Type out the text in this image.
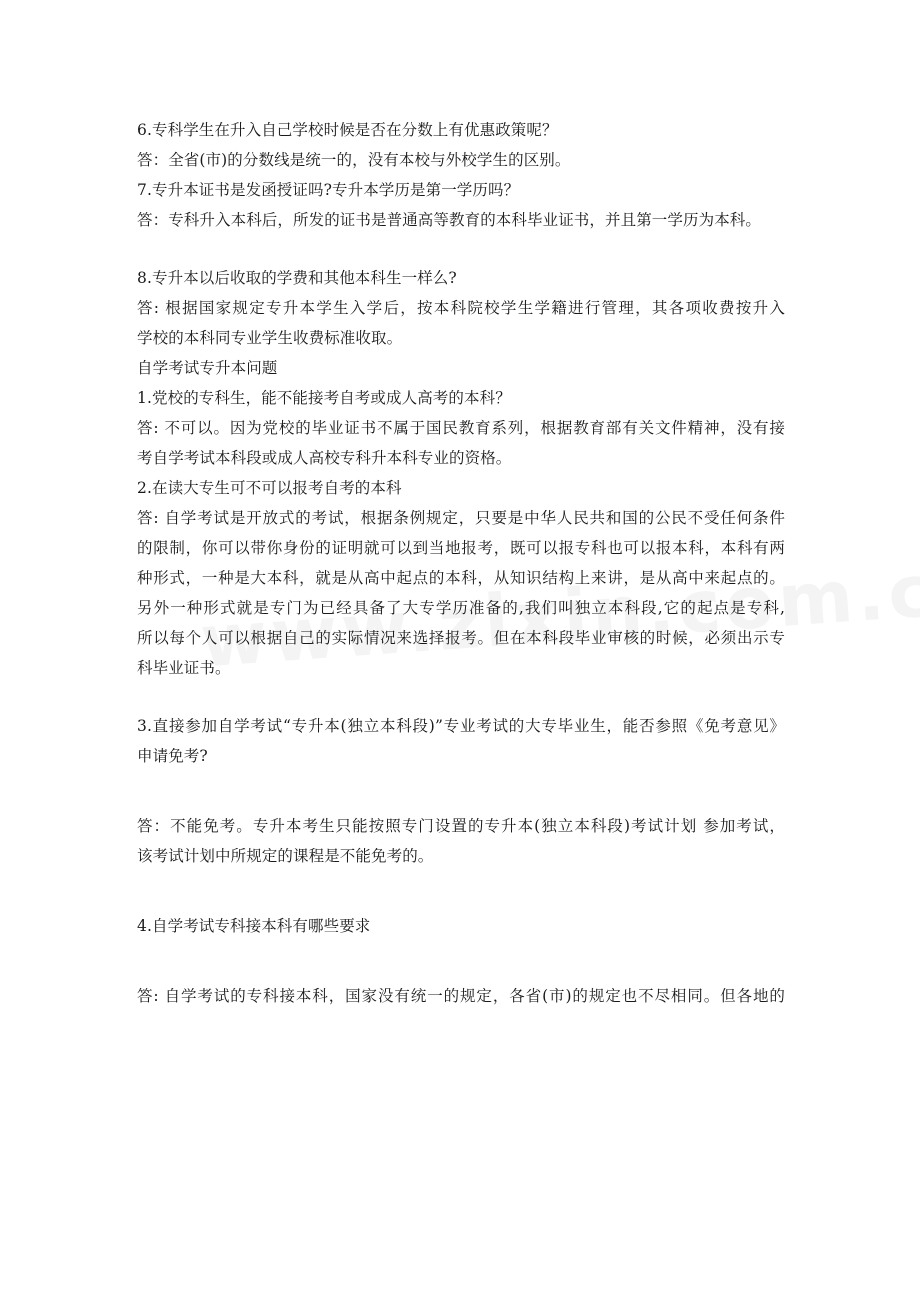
6.专科学生在升入自己学校时候是否在分数上有优惠政策呢？
答：全省(市)的分数线是统一的，没有本校与外校学生的区别。
7.专升本证书是发函授证吗?专升本学历是第一学历吗？
答：专科升入本科后，所发的证书是普通高等教育的本科毕业证书，并且第一学历为本科。
8.专升本以后收取的学费和其他本科生一样么?
答: 根据国家规定专升本学生入学后，按本科院校学生学籍进行管理，其各项收费按升入
学校的本科同专业学生收费标准收取。
自学考试专升本问题
1.党校的专科生，能不能接考自考或成人高考的本科？
答: 不可以。因为党校的毕业证书不属于国民教育系列，根据教育部有关文件精神，没有接
考自学考试本科段或成人高校专科升本科专业的资格。
2.在读大专生可不可以报考自考的本科
答: 自学考试是开放式的考试，根据条例规定，只要是中华人民共和国的公民不受任何条件
的限制，你可以带你身份的证明就可以到当地报考，既可以报专科也可以报本科，本科有两
种形式，一种是大本科，就是从高中起点的本科，从知识结构上来讲，是从高中来起点的。
另外一种形式就是专门为已经具备了大专学历准备的,我们叫独立本科段,它的起点是专科,
所以每个人可以根据自己的实际情况来选择报考。但在本科段毕业审核的时候，必须出示专
科毕业证书。
3.直接参加自学考试“专升本(独立本科段)”专业考试的大专毕业生，能否参照《免考意见》
申请免考?
答：不能免考。专升本考生只能按照专门设置的专升本(独立本科段)考试计划 参加考试，
该考试计划中所规定的课程是不能免考的。
4.自学考试专科接本科有哪些要求
答: 自学考试的专科接本科，国家没有统一的规定，各省(市)的规定也不尽相同。但各地的
